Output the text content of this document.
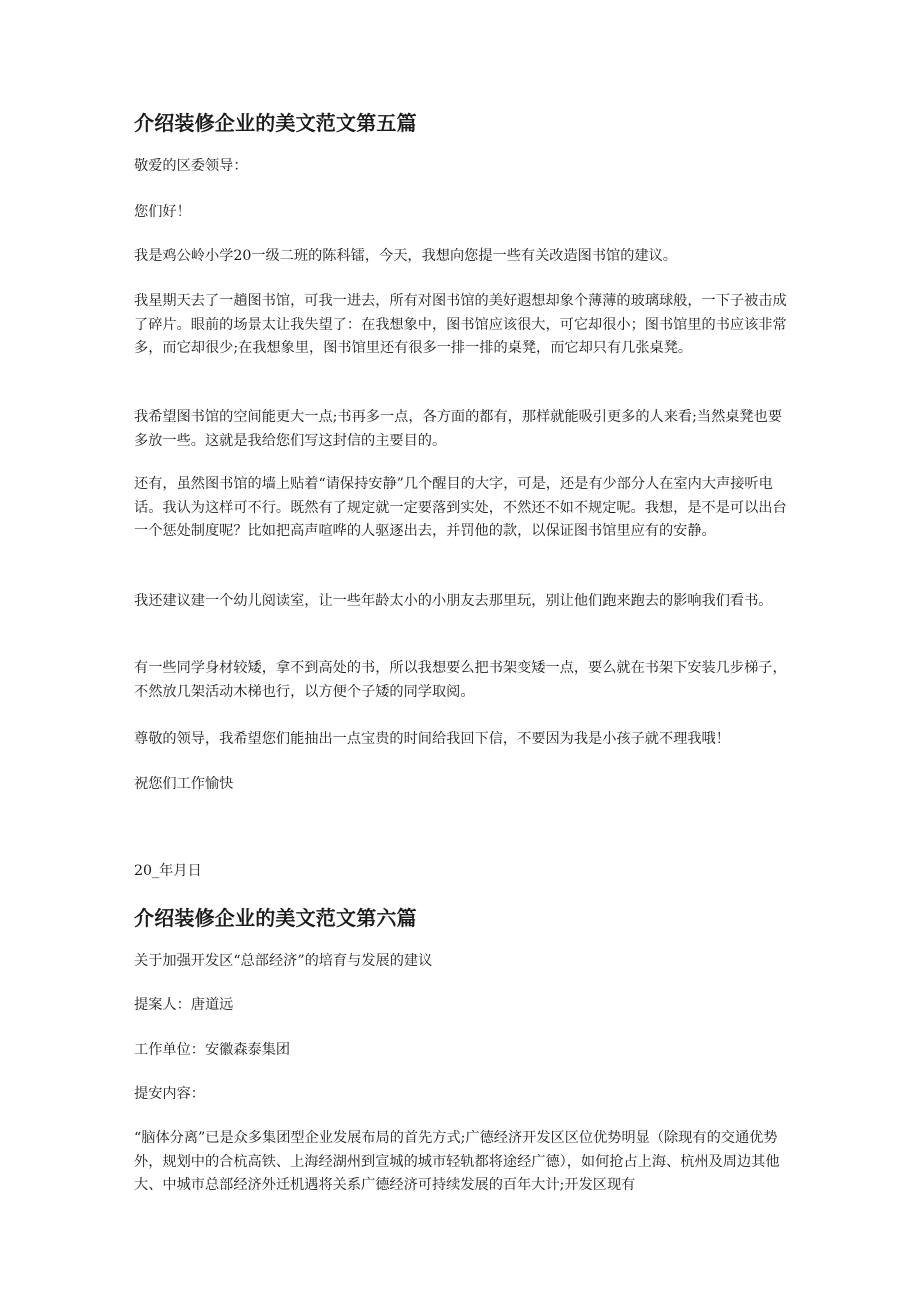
介绍装修企业的美文范文第五篇
敬爱的区委领导：
您们好！
我是鸡公岭小学20一级二班的陈科镭，今天，我想向您提一些有关改造图书馆的建议。
我星期天去了一趟图书馆，可我一进去，所有对图书馆的美好遐想却象个薄薄的玻璃球般，一下子被击成了碎片。眼前的场景太让我失望了：在我想象中，图书馆应该很大，可它却很小；图书馆里的书应该非常多，而它却很少;在我想象里，图书馆里还有很多一排一排的桌凳，而它却只有几张桌凳。
我希望图书馆的空间能更大一点;书再多一点，各方面的都有，那样就能吸引更多的人来看;当然桌凳也要多放一些。这就是我给您们写这封信的主要目的。
还有，虽然图书馆的墙上贴着“请保持安静”几个醒目的大字，可是，还是有少部分人在室内大声接听电话。我认为这样可不行。既然有了规定就一定要落到实处，不然还不如不规定呢。我想，是不是可以出台一个惩处制度呢？比如把高声喧哗的人驱逐出去，并罚他的款，以保证图书馆里应有的安静。
我还建议建一个幼儿阅读室，让一些年龄太小的小朋友去那里玩，别让他们跑来跑去的影响我们看书。
有一些同学身材较矮，拿不到高处的书，所以我想要么把书架变矮一点，要么就在书架下安装几步梯子，不然放几架活动木梯也行，以方便个子矮的同学取阅。
尊敬的领导，我希望您们能抽出一点宝贵的时间给我回下信，不要因为我是小孩子就不理我哦！
祝您们工作愉快
20_年月日
介绍装修企业的美文范文第六篇
关于加强开发区“总部经济”的培育与发展的建议
提案人：唐道远
工作单位：安徽森泰集团
提安内容：
“脑体分离”已是众多集团型企业发展布局的首先方式;广德经济开发区区位优势明显（除现有的交通优势外，规划中的合杭高铁、上海经湖州到宣城的城市轻轨都将途经广德），如何抢占上海、杭州及周边其他大、中城市总部经济外迁机遇将关系广德经济可持续发展的百年大计;开发区现有
